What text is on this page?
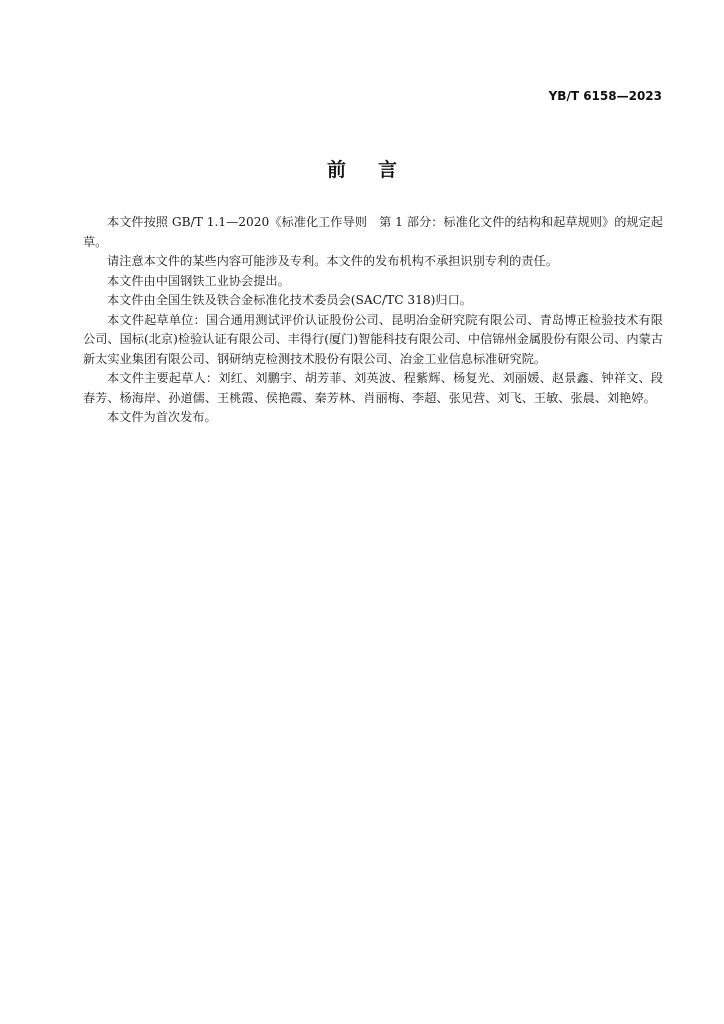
YB/T 6158—2023
前 言

本文件按照 GB/T 1.1—2020《标准化工作导则　第 1 部分：标准化文件的结构和起草规则》的规定起草。

请注意本文件的某些内容可能涉及专利。本文件的发布机构不承担识别专利的责任。

本文件由中国钢铁工业协会提出。

本文件由全国生铁及铁合金标准化技术委员会(SAC/TC 318)归口。

本文件起草单位：国合通用测试评价认证股份公司、昆明冶金研究院有限公司、青岛博正检验技术有限公司、国标(北京)检验认证有限公司、丰得行(厦门)智能科技有限公司、中信锦州金属股份有限公司、内蒙古新太实业集团有限公司、钢研纳克检测技术股份有限公司、冶金工业信息标准研究院。

本文件主要起草人：刘红、刘鹏宇、胡芳菲、刘英波、程紫辉、杨复光、刘丽媛、赵景鑫、钟祥文、段春芳、杨海岸、孙道儒、王桃霞、侯艳霞、秦芳林、肖丽梅、李超、张见营、刘飞、王敏、张晨、刘艳婷。

本文件为首次发布。
